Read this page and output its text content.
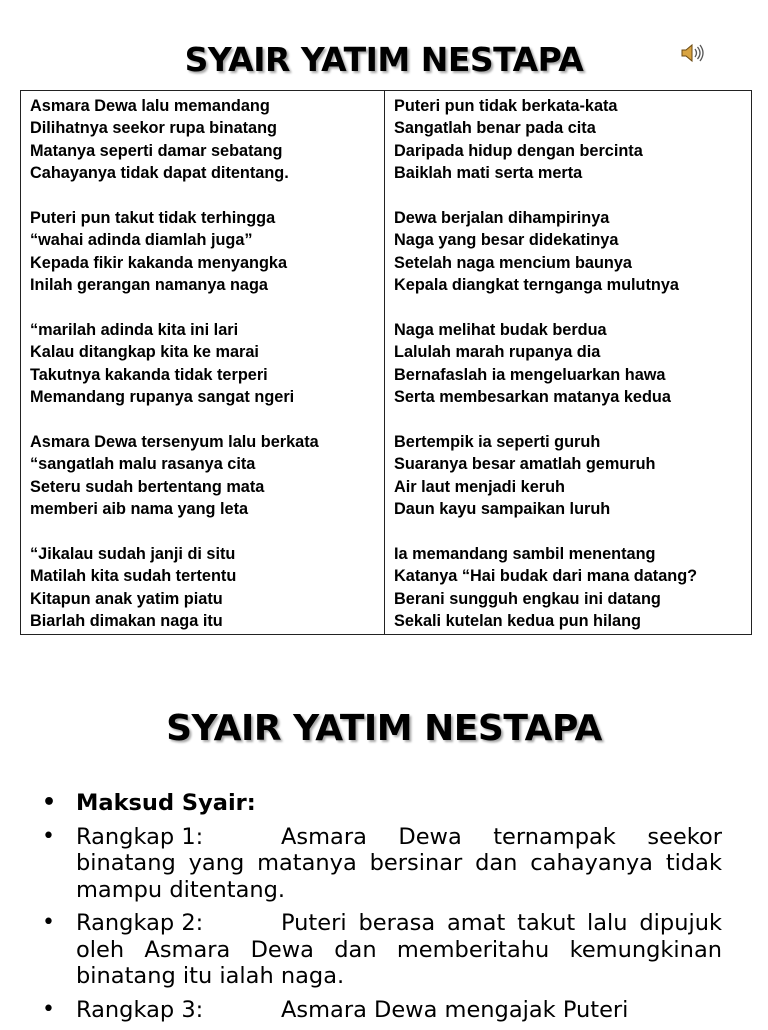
SYAIR YATIM NESTAPA
Asmara Dewa lalu memandang
Dilihatnya seekor rupa binatang
Matanya seperti damar sebatang
Cahayanya tidak dapat ditentang.
Puteri pun takut tidak terhingga
“wahai adinda diamlah juga”
Kepada fikir kakanda menyangka
Inilah gerangan namanya naga
“marilah adinda kita ini lari
Kalau ditangkap kita ke marai
Takutnya kakanda tidak terperi
Memandang rupanya sangat ngeri
Asmara Dewa tersenyum lalu berkata
“sangatlah malu rasanya cita
Seteru sudah bertentang mata
memberi aib nama yang leta
“Jikalau sudah janji di situ
Matilah kita sudah tertentu
Kitapun anak yatim piatu
Biarlah dimakan naga itu
Puteri pun tidak berkata-kata
Sangatlah benar pada cita
Daripada hidup dengan bercinta
Baiklah mati serta merta
Dewa berjalan dihampirinya
Naga yang besar didekatinya
Setelah naga mencium baunya
Kepala diangkat ternganga mulutnya
Naga melihat budak berdua
Lalulah marah rupanya dia
Bernafaslah ia mengeluarkan hawa
Serta membesarkan matanya kedua
Bertempik ia seperti guruh
Suaranya besar amatlah gemuruh
Air laut menjadi keruh
Daun kayu sampaikan luruh
Ia memandang sambil menentang
Katanya “Hai budak dari mana datang?
Berani sungguh engkau ini datang
Sekali kutelan kedua pun hilang
SYAIR YATIM NESTAPA
• Maksud Syair:
• Rangkap 1:	Asmara Dewa ternampak seekor binatang yang matanya bersinar dan cahayanya tidak mampu ditentang.
• Rangkap 2:	Puteri berasa amat takut lalu dipujuk oleh Asmara Dewa dan memberitahu kemungkinan binatang itu ialah naga.
• Rangkap 3:	Asmara Dewa mengajak Puteri
